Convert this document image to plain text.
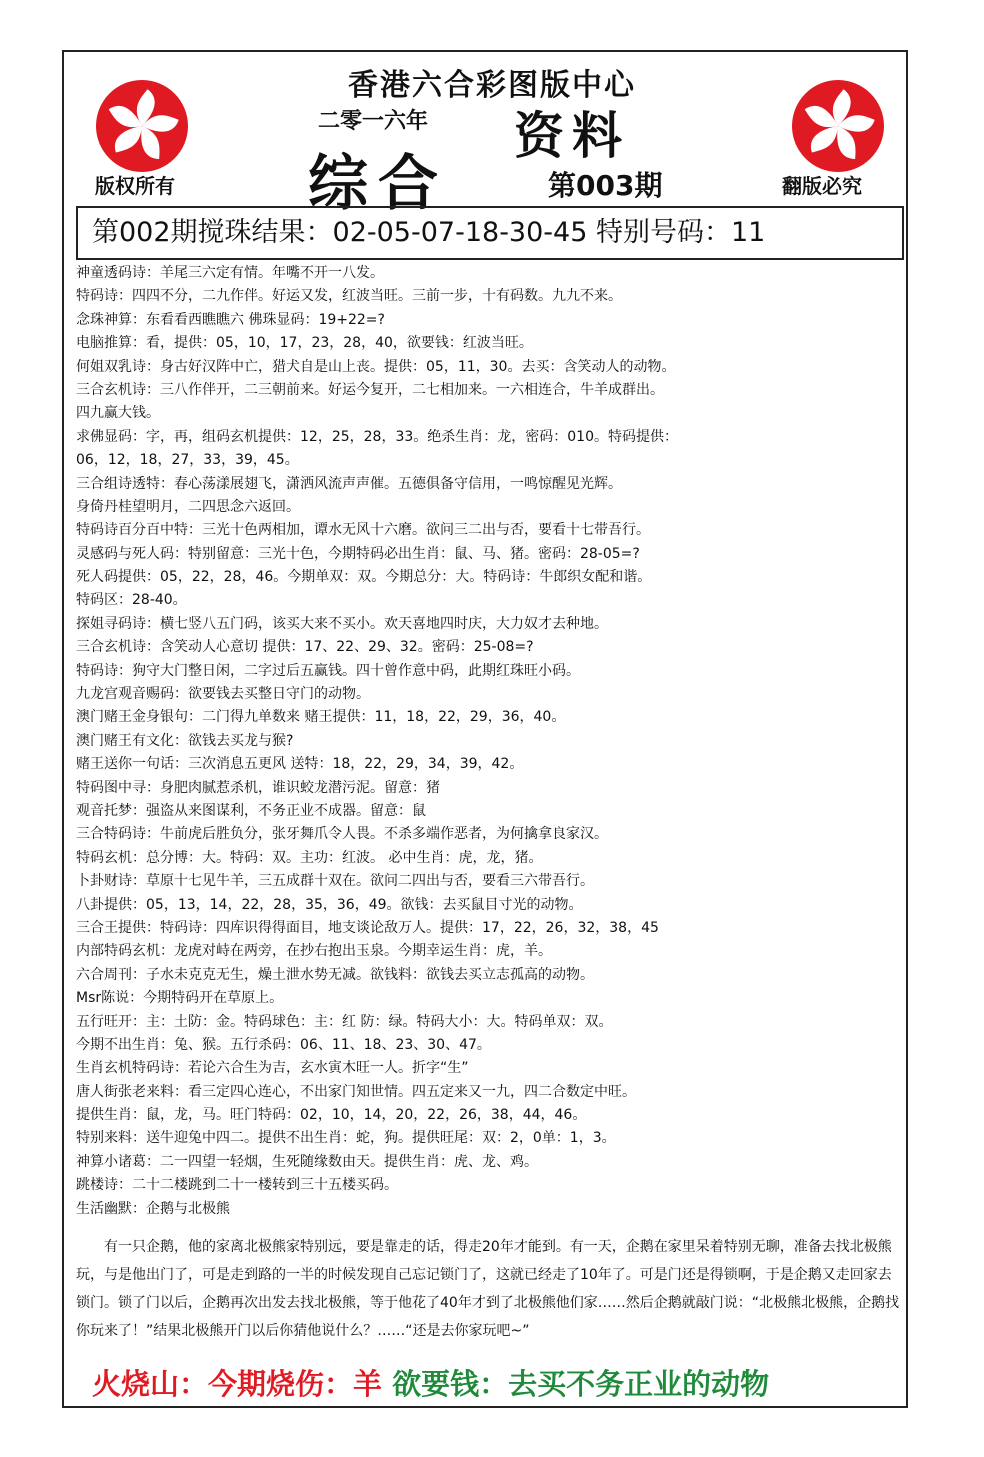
香港六合彩图版中心
二零一六年 资料
综合	第003期
版权所有	翻版必究
第002期搅珠结果：02-05-07-18-30-45 特别号码：11
神童透码诗：羊尾三六定有情。年嘴不开一八发。
特码诗：四四不分，二九作伴。好运又发，红波当旺。三前一步，十有码数。九九不来。
念珠神算：东看看西瞧瞧六 佛珠显码：19+22=?
电脑推算：看，提供：05，10，17，23，28，40，欲要钱：红波当旺。
何姐双乳诗：身古好汉阵中亡，猎犬自是山上丧。提供：05，11，30。去买：含笑动人的动物。
三合玄机诗：三八作伴开，二三朝前来。好运今复开，二七相加来。一六相连合，牛羊成群出。
四九赢大钱。
求佛显码：字，再，组码玄机提供：12，25，28，33。绝杀生肖：龙，密码：010。特码提供：
06，12，18，27，33，39，45。
三合组诗透特：春心荡漾展翅飞，潇洒风流声声催。五德俱备守信用，一鸣惊醒见光辉。
身倚丹桂望明月，二四思念六返回。
特码诗百分百中特：三光十色两相加，谭水无风十六磨。欲问三二出与否，要看十七带吾行。
灵感码与死人码：特别留意：三光十色，今期特码必出生肖：鼠、马、猪。密码：28-05=?
死人码提供：05，22，28，46。今期单双：双。今期总分：大。特码诗：牛郎织女配和谐。
特码区：28-40。
探姐寻码诗：横七竖八五门码，该买大来不买小。欢天喜地四时庆，大力奴才去种地。
三合玄机诗：含笑动人心意切 提供：17、22、29、32。密码：25-08=?
特码诗：狗守大门整日闲，二字过后五赢钱。四十曾作意中码，此期红珠旺小码。
九龙宫观音赐码：欲要钱去买整日守门的动物。
澳门赌王金身银句：二门得九单数来 赌王提供：11，18，22，29，36，40。
澳门赌王有文化：欲钱去买龙与猴?
赌王送你一句话：三次消息五更风 送特：18，22，29，34，39，42。
特码图中寻：身肥肉腻惹杀机，谁识蛟龙潜污泥。留意：猪
观音托梦：强盗从来图谋利，不务正业不成器。留意：鼠
三合特码诗：牛前虎后胜负分，张牙舞爪令人畏。不杀多端作恶者，为何擒拿良家汉。
特码玄机：总分博：大。特码：双。主功：红波。 必中生肖：虎，龙，猪。
卜卦财诗：草原十七见牛羊，三五成群十双在。欲问二四出与否，要看三六带吾行。
八卦提供：05，13，14，22，28，35，36，49。欲钱：去买鼠目寸光的动物。
三合王提供：特码诗：四库识得得面目，地支谈论敌万人。提供：17，22，26，32，38，45
内部特码玄机：龙虎对峙在两旁，在抄右抱出玉泉。今期幸运生肖：虎，羊。
六合周刊：子水未克克无生，燥土泄水势无减。欲钱料：欲钱去买立志孤高的动物。
Msr陈说：今期特码开在草原上。
五行旺开：主：土防：金。特码球色：主：红 防：绿。特码大小：大。特码单双：双。
今期不出生肖：兔、猴。五行杀码：06、11、18、23、30、47。
生肖玄机特码诗：若论六合生为吉，玄水寅木旺一人。折字“生”
唐人街张老来料：看三定四心连心，不出家门知世情。四五定来又一九，四二合数定中旺。
提供生肖：鼠，龙，马。旺门特码：02，10，14，20，22，26，38，44，46。
特别来料：送牛迎兔中四二。提供不出生肖：蛇，狗。提供旺尾：双：2，0单：1，3。
神算小诸葛：二一四望一轻烟，生死随缘数由天。提供生肖：虎、龙、鸡。
跳楼诗：二十二楼跳到二十一楼转到三十五楼买码。
生活幽默：企鹅与北极熊

有一只企鹅，他的家离北极熊家特别远，要是靠走的话，得走20年才能到。有一天，企鹅在家里呆着特别无聊，准备去找北极熊玩，与是他出门了，可是走到路的一半的时候发现自己忘记锁门了，这就已经走了10年了。可是门还是得锁啊，于是企鹅又走回家去锁门。锁了门以后，企鹅再次出发去找北极熊，等于他花了40年才到了北极熊他们家……然后企鹅就敲门说：“北极熊北极熊，企鹅找你玩来了！”结果北极熊开门以后你猜他说什么？……“还是去你家玩吧~”

火烧山：今期烧伤：羊 欲要钱：去买不务正业的动物
